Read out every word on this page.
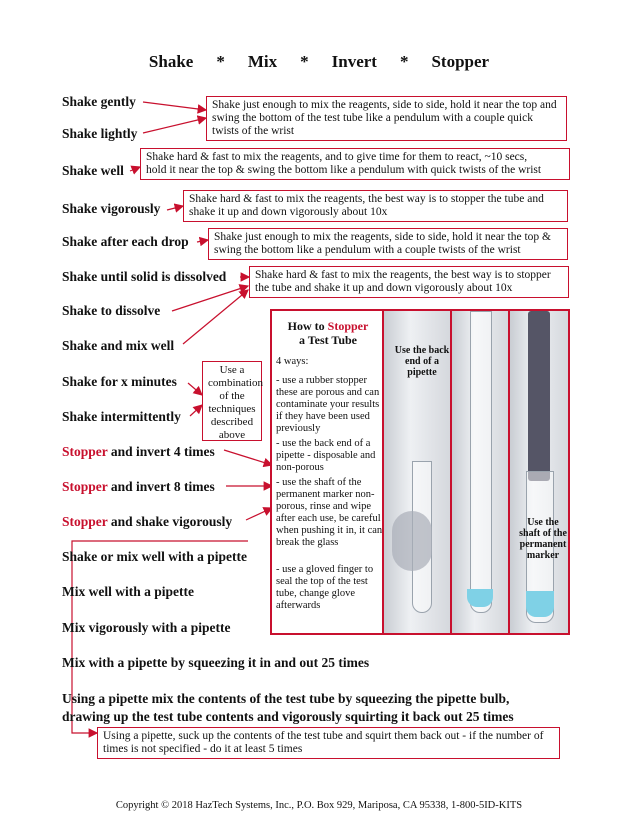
Shake * Mix * Invert * Stopper
Shake gently
Shake lightly
Shake well
Shake vigorously
Shake after each drop
Shake until solid is dissolved
Shake to dissolve
Shake and mix well
Shake for x minutes
Shake intermittently
Stopper and invert 4 times
Stopper and invert 8 times
Stopper and shake vigorously
Shake or mix well with a pipette
Mix well with a pipette
Mix vigorously with a pipette
Mix with a pipette by squeezing it in and out 25 times
Using a pipette mix the contents of the test tube by squeezing the pipette bulb,
drawing up the test tube contents and vigorously squirting it back out 25 times
Shake just enough to mix the reagents, side to side, hold it near the top and swing the bottom of the test tube like a pendulum with a couple quick twists of the wrist
Shake hard & fast to mix the reagents, and to give time for them to react, ~10 secs,
hold it near the top & swing the bottom like a pendulum with quick twists of the wrist
Shake hard & fast to mix the reagents, the best way is to stopper the tube and shake it up and down vigorously about 10x
Shake just enough to mix the reagents, side to side, hold it near the top & swing the bottom like a pendulum with a couple twists of the wrist
Shake hard & fast to mix the reagents, the best way is to stopper the tube and shake it up and down vigorously about 10x
Use a combination of the techniques described above
Using a pipette, suck up the contents of the test tube and squirt them back out - if the number of times is not specified - do it at least 5 times
How to Stopper
a Test Tube
4 ways:
- use a rubber stopper these are porous and can contaminate your results if they have been used previously
- use the back end of a pipette - disposable and non-porous
- use the shaft of the permanent marker non-porous, rinse and wipe after each use, be careful when pushing it in, it can break the glass
- use a gloved finger to seal the top of the test tube, change glove afterwards
Use the back end of a pipette
Use the shaft of the permanent marker
Copyright © 2018 HazTech Systems, Inc., P.O. Box 929, Mariposa, CA 95338, 1-800-5ID-KITS
